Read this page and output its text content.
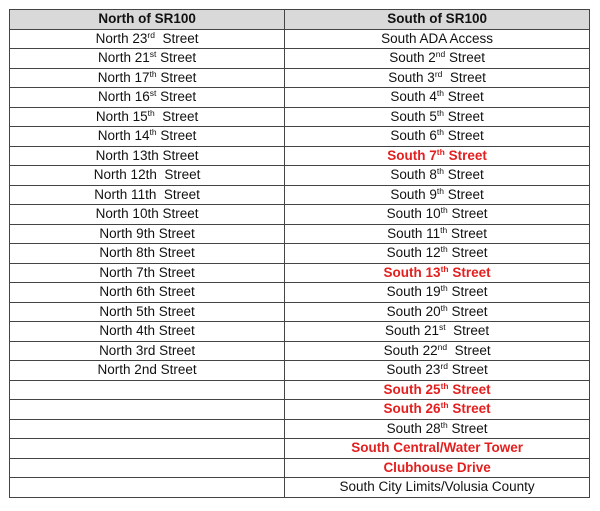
North of SR100	South of SR100
North 23rd  Street	South ADA Access
North 21st Street	South 2nd Street
North 17th Street	South 3rd  Street
North 16st Street	South 4th Street
North 15th  Street	South 5th Street
North 14th Street	South 6th Street
North 13th Street	South 7th Street
North 12th  Street	South 8th Street
North 11th  Street	South 9th Street
North 10th Street	South 10th Street
North 9th Street	South 11th Street
North 8th Street	South 12th Street
North 7th Street	South 13th Street
North 6th Street	South 19th Street
North 5th Street	South 20th Street
North 4th Street	South 21st  Street
North 3rd Street	South 22nd  Street
North 2nd Street	South 23rd Street
	South 25th Street
	South 26th Street
	South 28th Street
	South Central/Water Tower
	Clubhouse Drive
	South City Limits/Volusia County
